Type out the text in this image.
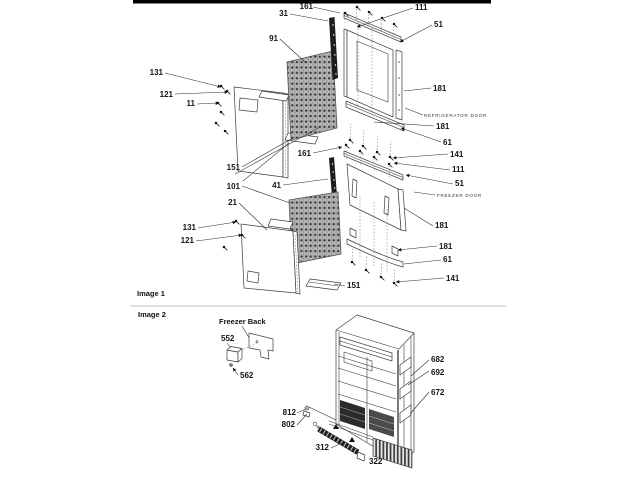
161	111
31
51
91
131
121
11
181
REFRIGERATOR DOOR
181
61
141
151
161
111
51
41
101
21
131
121
FREEZER DOOR
181
181
61
141
151
Image 1
Image 2
Freezer Back
552
562
682
692
672
812
802
312
322
